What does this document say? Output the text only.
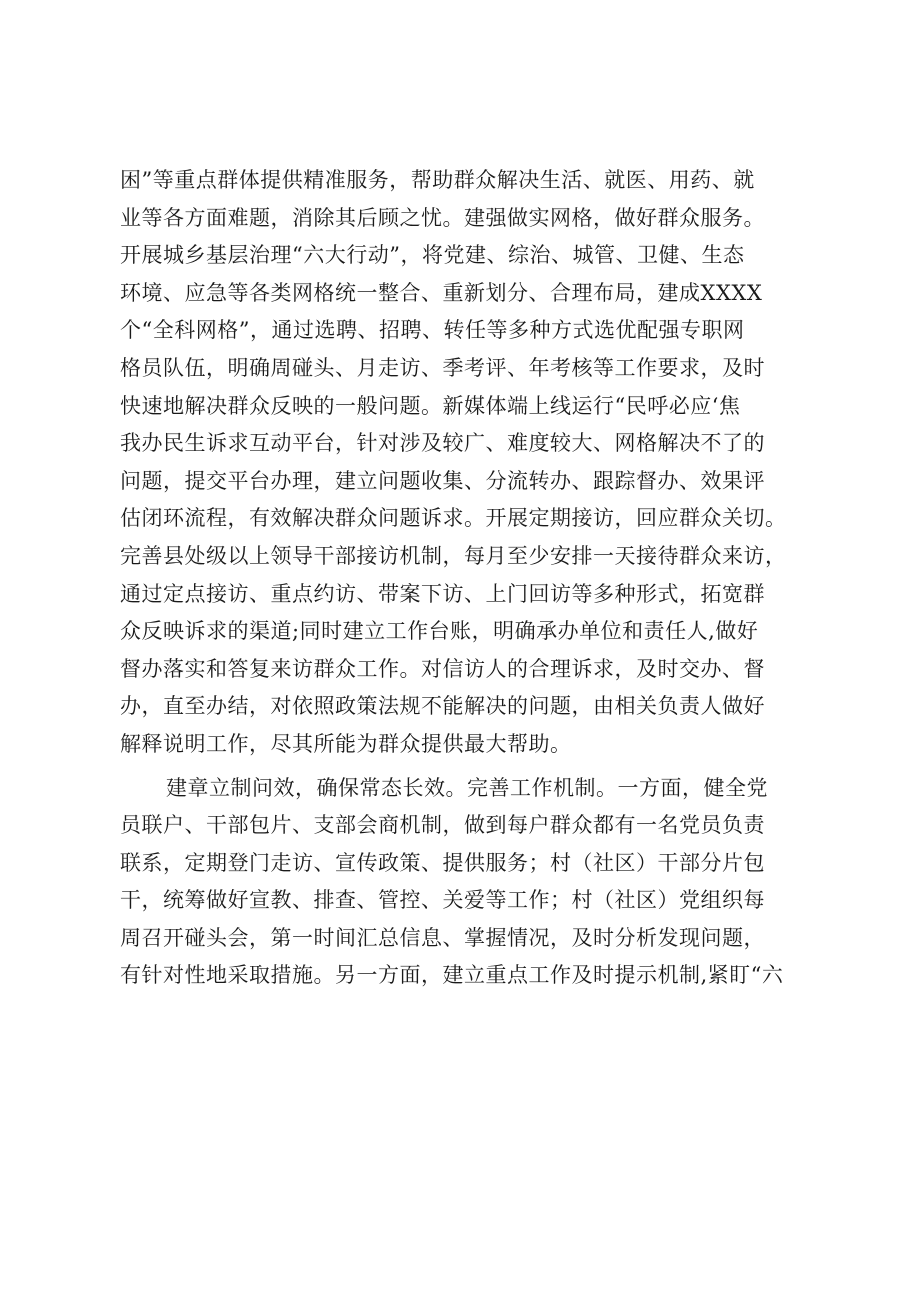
困”等重点群体提供精准服务，帮助群众解决生活、就医、用药、就
业等各方面难题，消除其后顾之忧。建强做实网格，做好群众服务。
开展城乡基层治理“六大行动”，将党建、综治、城管、卫健、生态
环境、应急等各类网格统一整合、重新划分、合理布局，建成XXXX
个“全科网格”，通过选聘、招聘、转任等多种方式选优配强专职网
格员队伍，明确周碰头、月走访、季考评、年考核等工作要求，及时
快速地解决群众反映的一般问题。新媒体端上线运行“民呼必应‘焦
我办民生诉求互动平台，针对涉及较广、难度较大、网格解决不了的
问题，提交平台办理，建立问题收集、分流转办、跟踪督办、效果评
估闭环流程，有效解决群众问题诉求。开展定期接访，回应群众关切。
完善县处级以上领导干部接访机制，每月至少安排一天接待群众来访，
通过定点接访、重点约访、带案下访、上门回访等多种形式，拓宽群
众反映诉求的渠道;同时建立工作台账，明确承办单位和责任人,做好
督办落实和答复来访群众工作。对信访人的合理诉求，及时交办、督
办，直至办结，对依照政策法规不能解决的问题，由相关负责人做好
解释说明工作，尽其所能为群众提供最大帮助。
建章立制问效，确保常态长效。完善工作机制。一方面，健全党
员联户、干部包片、支部会商机制，做到每户群众都有一名党员负责
联系，定期登门走访、宣传政策、提供服务；村（社区）干部分片包
干，统筹做好宣教、排查、管控、关爱等工作；村（社区）党组织每
周召开碰头会，第一时间汇总信息、掌握情况，及时分析发现问题，
有针对性地采取措施。另一方面，建立重点工作及时提示机制,紧盯“六
